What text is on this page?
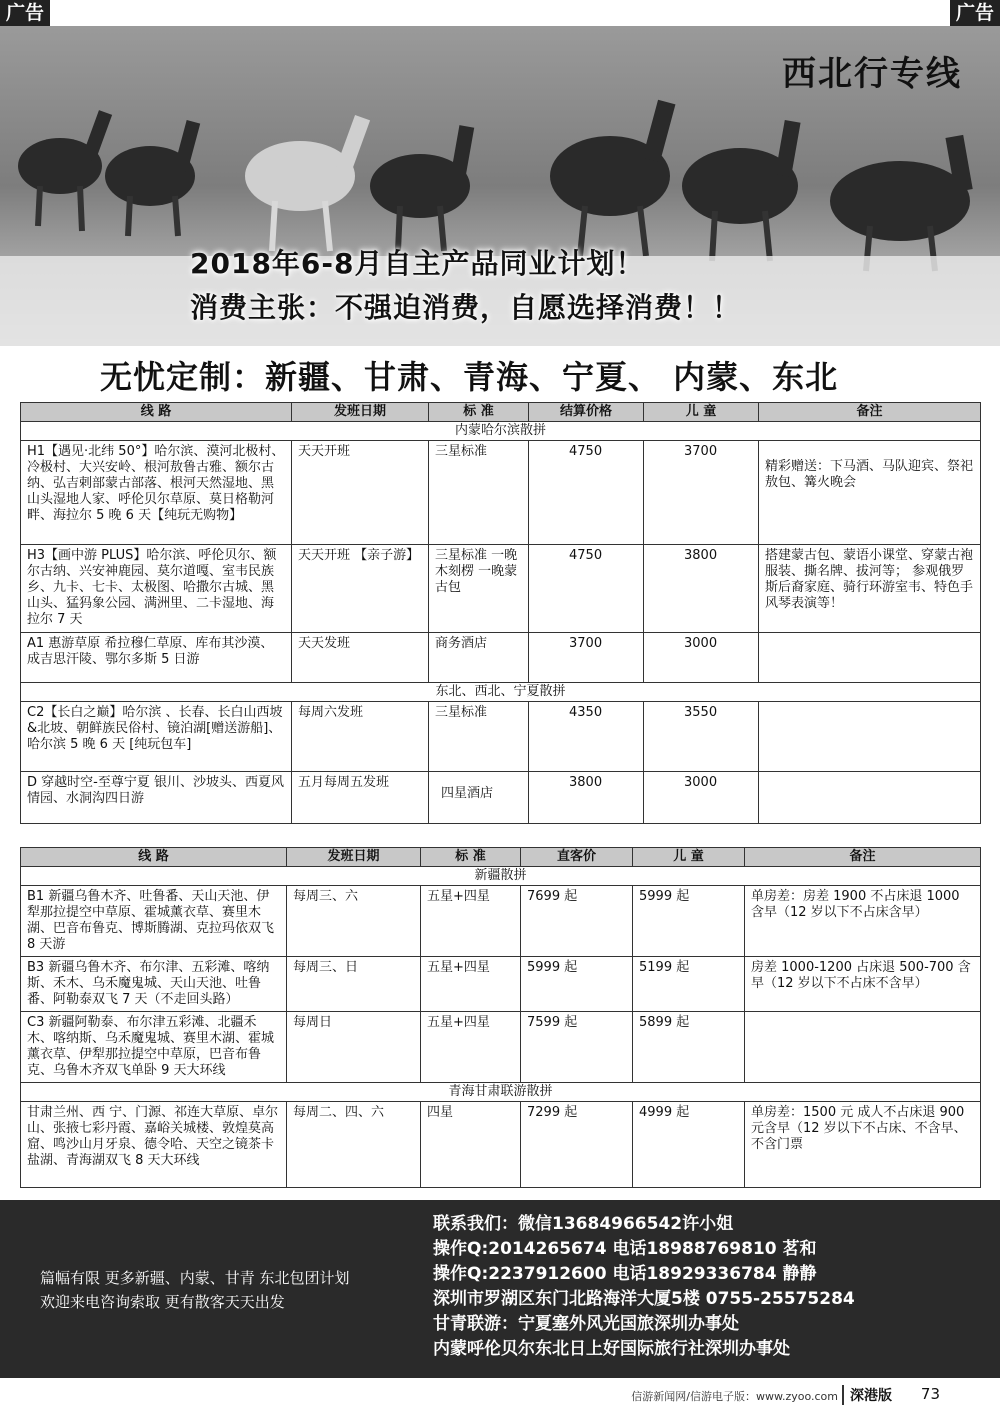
广告	广告
西北行专线
2018年6-8月自主产品同业计划！
消费主张：不强迫消费，自愿选择消费！！
无忧定制：新疆、甘肃、青海、宁夏、 内蒙、东北
线 路	发班日期	标 准	结算价格	儿 童	备注
内蒙哈尔滨散拼					
H1【遇见·北纬 50°】哈尔滨、漠河北极村、冷极村、大兴安岭、根河敖鲁古雅、额尔古纳、弘吉剌部蒙古部落、根河天然湿地、黑山头湿地人家、呼伦贝尔草原、莫日格勒河畔、海拉尔 5 晚 6 天【纯玩无购物】	天天开班	三星标准	4750	3700	精彩赠送：下马酒、马队迎宾、祭祀敖包、篝火晚会
H3【画中游 PLUS】哈尔滨、呼伦贝尔、额尔古纳、兴安神鹿园、莫尔道嘎、室韦民族乡、九卡、七卡、太极图、哈撒尔古城、黑山头、猛犸象公园、满洲里、二卡湿地、海拉尔 7 天	天天开班 【亲子游】	三星标准 一晚木刻楞 一晚蒙古包	4750	3800	搭建蒙古包、蒙语小课堂、穿蒙古袍服装、撕名牌、拔河等； 参观俄罗斯后裔家庭、骑行环游室韦、特色手风琴表演等！
A1 惠游草原 希拉穆仁草原、库布其沙漠、成吉思汗陵、鄂尔多斯 5 日游	天天发班	商务酒店	3700	3000	
东北、西北、宁夏散拼					
C2【长白之巅】哈尔滨 、长春、长白山西坡&北坡、朝鲜族民俗村、镜泊湖[赠送游船]、哈尔滨 5 晚 6 天 [纯玩包车]	每周六发班	三星标准	4350	3550	
D 穿越时空-至尊宁夏 银川、沙坡头、西夏风情园、水洞沟四日游	五月每周五发班	四星酒店	3800	3000	
线 路	发班日期	标 准	直客价	儿 童	备注
新疆散拼					
B1 新疆乌鲁木齐、吐鲁番、天山天池、伊犁那拉提空中草原、霍城薰衣草、赛里木湖、巴音布鲁克、博斯腾湖、克拉玛依双飞 8 天游	每周三、六	五星+四星	7699 起	5999 起	单房差：房差 1900 不占床退 1000 含早（12 岁以下不占床含早）
B3 新疆乌鲁木齐、布尔津、五彩滩、喀纳斯、禾木、乌禾魔鬼城、天山天池、吐鲁番、阿勒泰双飞 7 天（不走回头路）	每周三、日	五星+四星	5999 起	5199 起	房差 1000-1200 占床退 500-700 含早（12 岁以下不占床不含早）
C3 新疆阿勒泰、布尔津五彩滩、北疆禾木、喀纳斯、乌禾魔鬼城、赛里木湖、霍城薰衣草、伊犁那拉提空中草原，巴音布鲁克、乌鲁木齐双飞单卧 9 天大环线	每周日	五星+四星	7599 起	5899 起	
青海甘肃联游散拼					
甘肃兰州、西 宁、门源、祁连大草原、卓尔山、张掖七彩丹霞、嘉峪关城楼、敦煌莫高窟、鸣沙山月牙泉、德令哈、天空之镜茶卡盐湖、青海湖双飞 8 天大环线	每周二、四、六	四星	7299 起	4999 起	单房差：1500 元 成人不占床退 900 元含早（12 岁以下不占床、不含早、不含门票
篇幅有限 更多新疆、内蒙、甘青 东北包团计划
欢迎来电咨询索取 更有散客天天出发
联系我们：微信13684966542许小姐
操作Q:2014265674 电话18988769810 茗和
操作Q:2237912600 电话18929336784 静静
深圳市罗湖区东门北路海洋大厦5楼 0755-25575284
甘青联游：宁夏塞外风光国旅深圳办事处
内蒙呼伦贝尔东北日上好国际旅行社深圳办事处
信游新闻网/信游电子版：www.zyoo.com 深港版 73
